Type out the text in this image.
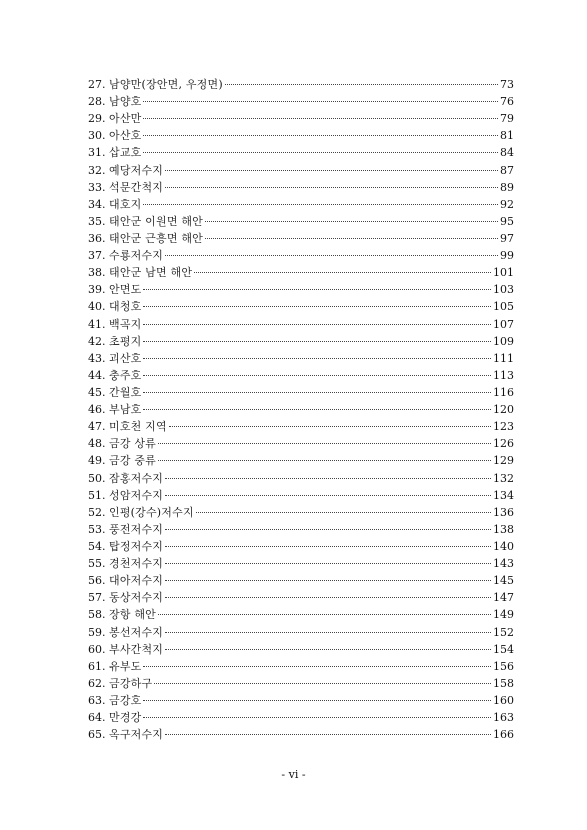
27. 남양만(장안면, 우정면)	73
28. 남양호	76
29. 아산만	79
30. 아산호	81
31. 삽교호	84
32. 예당저수지	87
33. 석문간척지	89
34. 대호지	92
35. 태안군 이원면 해안	95
36. 태안군 근흥면 해안	97
37. 수룡저수지	99
38. 태안군 남면 해안	101
39. 안면도	103
40. 대청호	105
41. 백곡지	107
42. 초평지	109
43. 괴산호	111
44. 충주호	113
45. 간월호	116
46. 부남호	120
47. 미호천 지역	123
48. 금강 상류	126
49. 금강 중류	129
50. 잠홍저수지	132
51. 성암저수지	134
52. 인평(강수)저수지	136
53. 풍전저수지	138
54. 탑정저수지	140
55. 경천저수지	143
56. 대아저수지	145
57. 동상저수지	147
58. 장항 해안	149
59. 봉선저수지	152
60. 부사간척지	154
61. 유부도	156
62. 금강하구	158
63. 금강호	160
64. 만경강	163
65. 옥구저수지	166
- vi -
